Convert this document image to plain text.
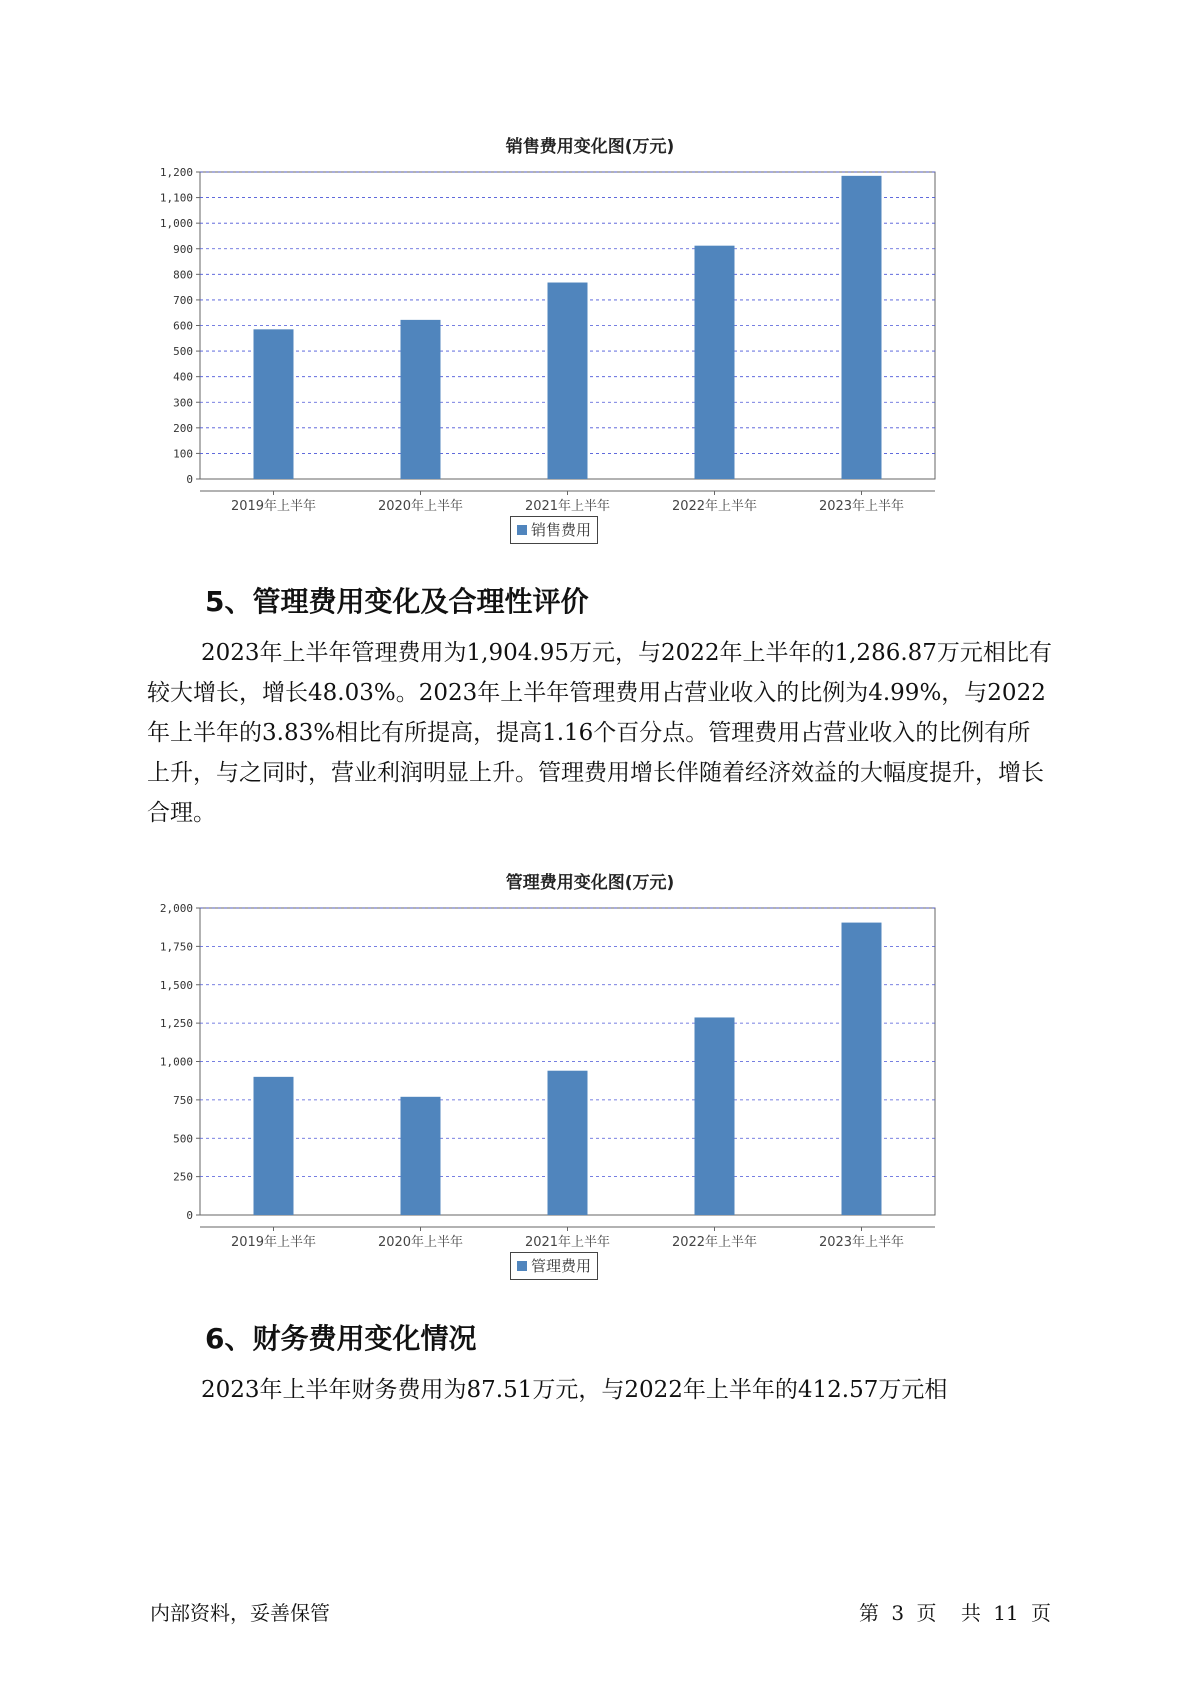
销售费用变化图(万元)
0
100
200
300
400
500
600
700
800
900
1,000
1,100
1,200
2019年上半年	2020年上半年	2021年上半年	2022年上半年	2023年上半年
销售费用
5、管理费用变化及合理性评价

2023年上半年管理费用为1,904.95万元，与2022年上半年的1,286.87万元相比有较大增长，增长48.03%。2023年上半年管理费用占营业收入的比例为4.99%，与2022年上半年的3.83%相比有所提高，提高1.16个百分点。管理费用占营业收入的比例有所上升，与之同时，营业利润明显上升。管理费用增长伴随着经济效益的大幅度提升，增长合理。

管理费用变化图(万元)
0
250
500
750
1,000
1,250
1,500
1,750
2,000
2019年上半年	2020年上半年	2021年上半年	2022年上半年	2023年上半年
管理费用
6、财务费用变化情况

2023年上半年财务费用为87.51万元，与2022年上半年的412.57万元相

内部资料，妥善保管	第 3 页 共 11 页
